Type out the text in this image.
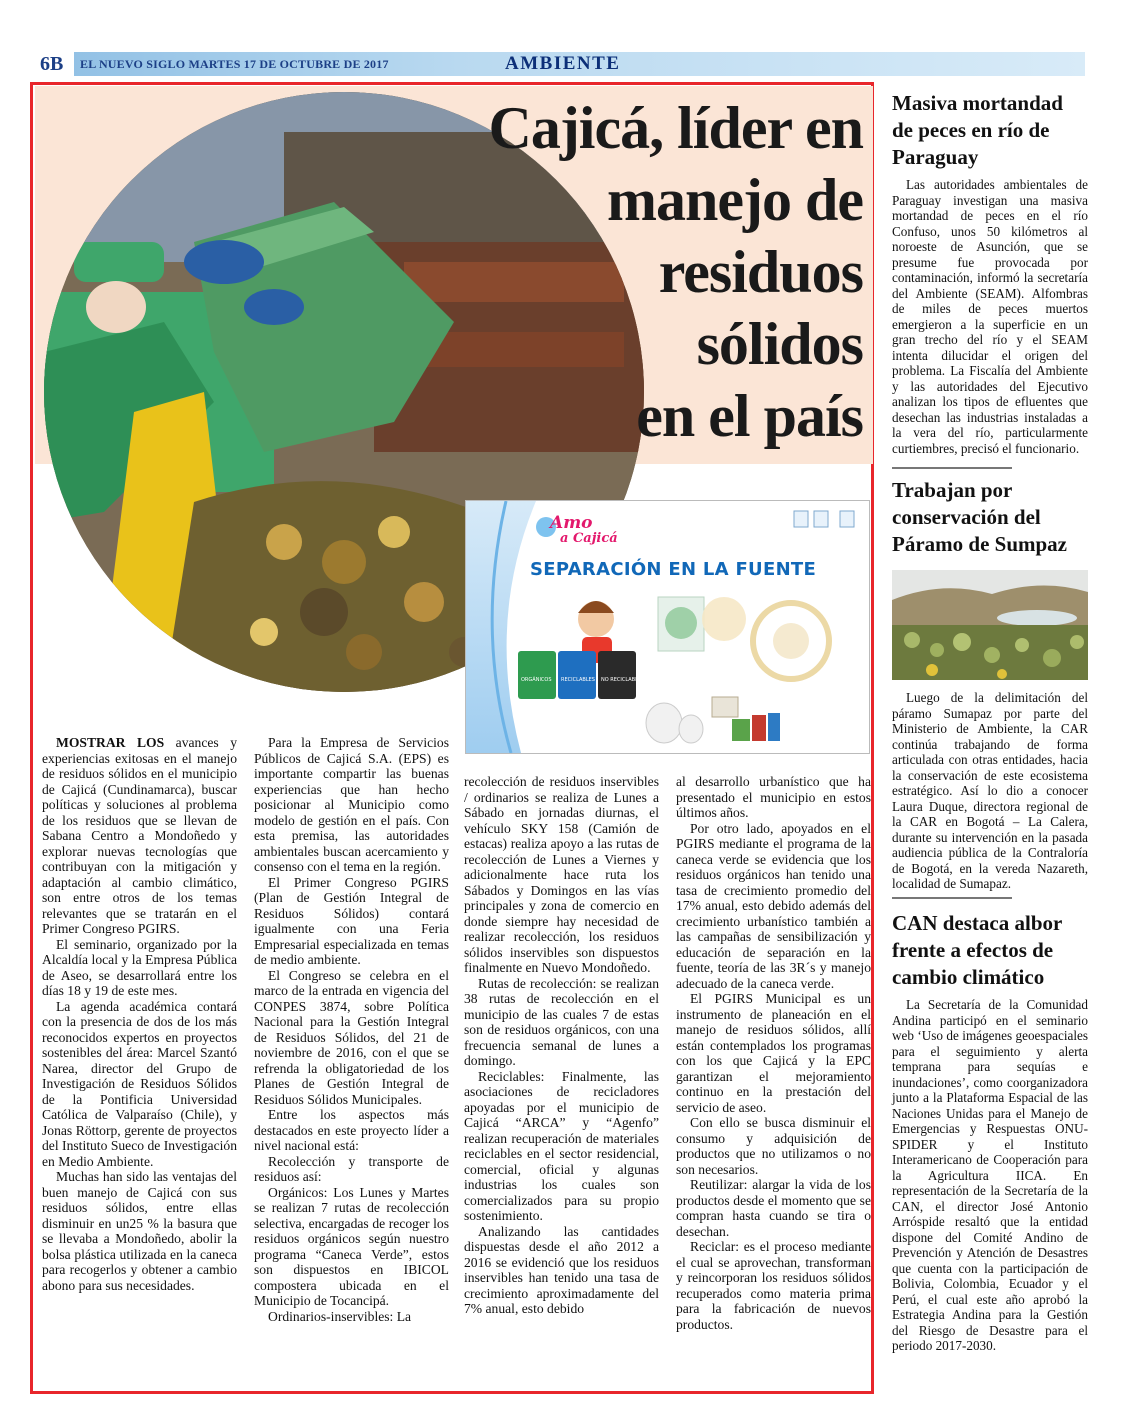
6B	EL NUEVO SIGLO MARTES 17 DE OCTUBRE DE 2017	AMBIENTE
Cajicá, líder en
manejo de
residuos
sólidos
en el país
ORGÁNICOS RECICLABLES NO RECICLABLES
Amo
a Cajicá
SEPARACIÓN EN LA FUENTE

MOSTRAR LOS avances y experiencias exitosas en el manejo de residuos sólidos en el municipio de Cajicá (Cundinamarca), buscar políticas y soluciones al problema de los residuos que se llevan de Sabana Centro a Mondoñedo y explorar nuevas tecnologías que contribuyan con la mitigación y adaptación al cambio climático, son entre otros de los temas relevantes que se tratarán en el Primer Congreso PGIRS.

El seminario, organizado por la Alcaldía local y la Empresa Pública de Aseo, se desarrollará entre los días 18 y 19 de este mes.

La agenda académica contará con la presencia de dos de los más reconocidos expertos en proyectos sostenibles del área: Marcel Szantó Narea, director del Grupo de Investigación de Residuos Sólidos de la Pontificia Universidad Católica de Valparaíso (Chile), y Jonas Röttorp, gerente de proyectos del Instituto Sueco de Investigación en Medio Ambiente.

Muchas han sido las ventajas del buen manejo de Cajicá con sus residuos sólidos, entre ellas disminuir en un25 % la basura que se llevaba a Mondoñedo, abolir la bolsa plástica utilizada en la caneca para recogerlos y obtener a cambio abono para sus necesidades.

Para la Empresa de Servicios Públicos de Cajicá S.A. (EPS) es importante compartir las buenas experiencias que han hecho posicionar al Municipio como modelo de gestión en el país. Con esta premisa, las autoridades ambientales buscan acercamiento y consenso con el tema en la región.

El Primer Congreso PGIRS (Plan de Gestión Integral de Residuos Sólidos) contará igualmente con una Feria Empresarial especializada en temas de medio ambiente.

El Congreso se celebra en el marco de la entrada en vigencia del CONPES 3874, sobre Política Nacional para la Gestión Integral de Residuos Sólidos, del 21 de noviembre de 2016, con el que se refrenda la obligatoriedad de los Planes de Gestión Integral de Residuos Sólidos Municipales.

Entre los aspectos más destacados en este proyecto líder a nivel nacional está:

Recolección y transporte de residuos así:

Orgánicos: Los Lunes y Martes se realizan 7 rutas de recolección selectiva, encargadas de recoger los residuos orgánicos según nuestro programa “Caneca Verde”, estos son dispuestos en IBICOL compostera ubicada en el Municipio de Tocancipá.

Ordinarios-inservibles: La

recolección de residuos inservibles / ordinarios se realiza de Lunes a Sábado en jornadas diurnas, el vehículo SKY 158 (Camión de estacas) realiza apoyo a las rutas de recolección de Lunes a Viernes y adicionalmente hace ruta los Sábados y Domingos en las vías principales y zona de comercio en donde siempre hay necesidad de realizar recolección, los residuos sólidos inservibles son dispuestos finalmente en Nuevo Mondoñedo.

Rutas de recolección: se realizan 38 rutas de recolección en el municipio de las cuales 7 de estas son de residuos orgánicos, con una frecuencia semanal de lunes a domingo.

Reciclables: Finalmente, las asociaciones de recicladores apoyadas por el municipio de Cajicá “ARCA” y “Agenfo” realizan recuperación de materiales reciclables en el sector residencial, comercial, oficial y algunas industrias los cuales son comercializados para su propio sostenimiento.

Analizando las cantidades dispuestas desde el año 2012 a 2016 se evidenció que los residuos inservibles han tenido una tasa de crecimiento aproximadamente del 7% anual, esto debido

al desarrollo urbanístico que ha presentado el municipio en estos últimos años.

Por otro lado, apoyados en el PGIRS mediante el programa de la caneca verde se evidencia que los residuos orgánicos han tenido una tasa de crecimiento promedio del 17% anual, esto debido además del crecimiento urbanístico también a las campañas de sensibilización y educación de separación en la fuente, teoría de las 3R´s y manejo adecuado de la caneca verde.

El PGIRS Municipal es un instrumento de planeación en el manejo de residuos sólidos, allí están contemplados los programas con los que Cajicá y la EPC garantizan el mejoramiento continuo en la prestación del servicio de aseo.

Con ello se busca disminuir el consumo y adquisición de productos que no utilizamos o no son necesarios.

Reutilizar: alargar la vida de los productos desde el momento que se compran hasta cuando se tira o desechan.

Reciclar: es el proceso mediante el cual se aprovechan, transforman y reincorporan los residuos sólidos recuperados como materia prima para la fabricación de nuevos productos.

Masiva mortandad de peces en río de Paraguay

Las autoridades ambientales de Paraguay investigan una masiva mortandad de peces en el río Confuso, unos 50 kilómetros al noroeste de Asunción, que se presume fue provocada por contaminación, informó la secretaría del Ambiente (SEAM). Alfombras de miles de peces muertos emergieron a la superficie en un gran trecho del río y el SEAM intenta dilucidar el origen del problema. La Fiscalía del Ambiente y las autoridades del Ejecutivo analizan los tipos de efluentes que desechan las industrias instaladas a la vera del río, particularmente curtiembres, precisó el funcionario.

Trabajan por conservación del Páramo de Sumpaz

Luego de la delimitación del páramo Sumapaz por parte del Ministerio de Ambiente, la CAR continúa trabajando de forma articulada con otras entidades, hacia la conservación de este ecosistema estratégico. Así lo dio a conocer Laura Duque, directora regional de la CAR en Bogotá – La Calera, durante su intervención en la pasada audiencia pública de la Contraloría de Bogotá, en la vereda Nazareth, localidad de Sumapaz.

CAN destaca albor frente a efectos de cambio climático

La Secretaría de la Comunidad Andina participó en el seminario web ‘Uso de imágenes geoespaciales para el seguimiento y alerta temprana para sequías e inundaciones’, como coorganizadora junto a la Plataforma Espacial de las Naciones Unidas para el Manejo de Emergencias y Respuestas ONU-SPIDER y el Instituto Interamericano de Cooperación para la Agricultura IICA. En representación de la Secretaría de la CAN, el director José Antonio Arróspide resaltó que la entidad dispone del Comité Andino de Prevención y Atención de Desastres que cuenta con la participación de Bolivia, Colombia, Ecuador y el Perú, el cual este año aprobó la Estrategia Andina para la Gestión del Riesgo de Desastre para el periodo 2017-2030.
